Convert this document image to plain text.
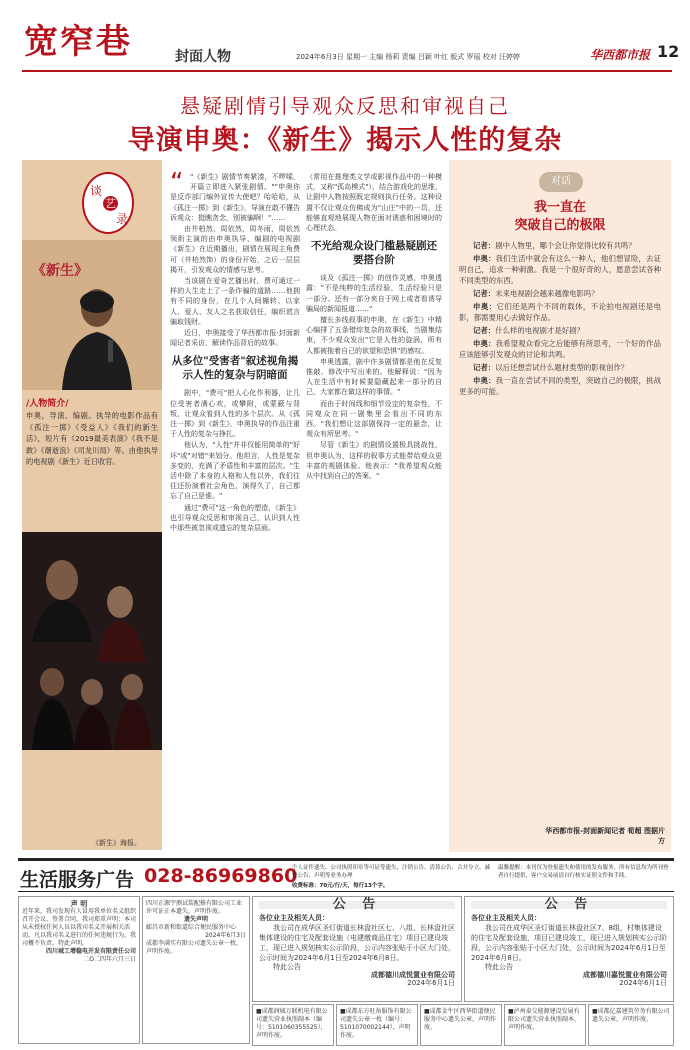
宽窄巷	封面人物	2024年6月3日 星期一 主编 杨莉 责编 吕颖 叶红 版式 罗瑶 校对 汪婷婷	华西都市报 12
悬疑剧情引导观众反思和审视自己
导演申奥：《新生》揭示人性的复杂
谈
艺
录
《新生》
/人物简介/
申奥，导演、编剧。执导的电影作品有《孤注一掷》《受益人》《我们的新生活》，短片有《2019最美表演》《我不是敢》《潮逝浪》《司龙川局》等。由他执导的电视剧《新生》近日收官。
《新生》海报。
“ "《新生》剧情节奏紧凑，不啰嗦，开篇立即进入紧张剧情。""申奥你是反诈部门编外宣传大使吧？哈哈哈，从《孤注一掷》到《新生》，导演在敢不懂告诉观众：挺瞧贪念，别被骗啊！"……

由井柏然，周依然，周冬雨，周依然领衔主演的由申奥执导、编剧的电视剧《新生》在近期播出，剧情在展现主角费可（井柏然饰）的身份开始，之后一层层揭开，引发观众的情感与思考。

当该剧在爱奇艺播出时，费可通过一样的人生走上了一条诈骗的道路……他拥有不同的身份，在几个人间辗转、以家人、爱人、友人之名获取信任，编织谎言骗取钱财。

近日，申奥接受了华西都市报·封面新闻记者采访，解读作品背后的故事。

从多位"受害者"叙述视角揭示人性的复杂与阴暗面

剧中，"费可"把人心化作利器，让几位受害者满心欢，或攀附，或蒙蔽与背叛，让观众看到人性的多个层次。从《孤注一掷》到《新生》，申奥执导的作品注重于人性的复杂与挣扎。

他认为，"人性"并非仅能用简单的"好坏"或"对错"来划分。他坦言，人性是复杂多变的，充满了矛盾性和丰富的层次。"生活中除了本身的人格和人性以外，我们往往还扮演着社会角色，演得久了，自己都忘了自己是谁。"

通过"费可"这一角色的塑造，《新生》也引导观众反思和审视自己，认识到人性中那些被忽视或遗忘的复杂层面。

（常用在推理类文学或影视作品中的一种模式，又称"孤岛模式"），结合游戏化的思维，让剧中人物按照既定规则执行任务。这种设置不仅让观众仿佛成为"山庄"中的一员，还能够直观地展现人物在面对诱惑和困境时的心理状态。

不光给观众设门槛悬疑剧还要搭台阶

谈及《孤注一掷》的创作灵感，申奥透露："不是纯粹的生活经验，生活经验只是一部分。还有一部分来自于网上或者看诱导骗局的新闻报道……"

擅长多线叙事的申奥，在《新生》中精心编排了五条错综复杂的故事线，当剧集结束，不少观众发出"它是人性的旋涡，所有人都被拖着自己的欲望和恐惧"的感叹。

申奥透露，剧中许多剧情都是他在反复推敲、修改中写出来的。他解释说："因为人在生活中有时候要隐藏起来一部分的自己，大家都在做这样的事情。"

而由于时间线和细节设定的复杂性，不同观众在同一剧集里会看出不同的东西。"我们想让这部剧保持一定的悬念，让观众有所思考。"

尽管《新生》的剧情设置极具挑战性，但申奥认为，这样的叙事方式能带给观众更丰富的观剧体验。他表示："我希望观众能从中找到自己的答案。"

对话
我一直在
突破自己的极限

记者：剧中人物里，哪个会让你觉得比较有共鸣？

申奥：我们生活中就会有这么一种人，他们想冒险，去证明自己，追求一种刺激。我是一个很好奇的人，愿意尝试各种不同类型的东西。

记者：未来电视剧会越来越像电影吗？

申奥：它们还是两个不同的载体，不论拍电视剧还是电影，都需要用心去做好作品。

记者：什么样的电视剧才是好剧？

申奥：我希望观众看完之后能够有所思考，一个好的作品应该能够引发观众的讨论和共鸣。

记者：以后还想尝试什么题材类型的影视创作？

申奥：我一直在尝试不同的类型，突破自己的极限，挑战更多的可能。

华西都市报-封面新闻记者 荀超 图据片方
生活服务广告 028-86969860
个人证件遗失、公司执照印章等可证等遗失、注销公告、清算公告、合并分立、减资公告、声明等业务办理
收费标准：70元/行/天，每行13个字。
温馨提醒：本刊仅为登报遗失和使用的发布服务，所有信息均为所刊登者自行提供，客户交易前请自行核实证照文件和手续。
声 明
近年来，我司发现有人冒用我单位名义组织召开会议、签署合同，我司郑重声明：本司从未授权任何人员以我司名义开展相关活动，凡以我司名义进行的任何违规行为，我司概不负责。特此声明。
四川城工增稳电开发有限责任公司
二O二四年六月三日
四川正源宇测试装配修有限公司工业许可证正本遗失，声明作废。
遗失声明
邮昌市新和街道综合便民服务中心
2024年6月3日
成都李满实有限公司遗失公章一枚，声明作废。
公 告
各位业主及相关人员：
我公司在成华区圣灯街道长林盘社区七、八组、长林盘社区集体建设的住宅及配套设施（电建缴商品住宅）项目已建设竣工，现已进入规划核实公示阶段，公示内容张贴于小区大门处，公示时间为2024年6月1日至2024年6月8日。
特此公告
成都德川成悦置业有限公司
2024年6月1日
公 告
各位业主及相关人员：
我公司在成华区圣灯街道长林盘社区7、8组，村集体建设的住宅及配套设施，项目已建设竣工，现已进入规划核实公示阶段，公示内容张贴于小区大门处，公示时间为2024年6月1日至2024年6月8日。
特此公告
成都德川嘉悦置业有限公司
2024年6月1日
■成都润城万联机电有限公司遗失营业执照副本（编号：5101060355525），声明作废。
■成都东方旺角服饰有限公司遗失公章一枚（编号：5101070002144），声明作废。
■成都金牛区西华街道便民服务中心遗失公章，声明作废。
■泸州泰交能源建设发展有限公司遗失营业执照副本，声明作废。
■成都亿嘉建筑劳务有限公司遗失公章，声明作废。
